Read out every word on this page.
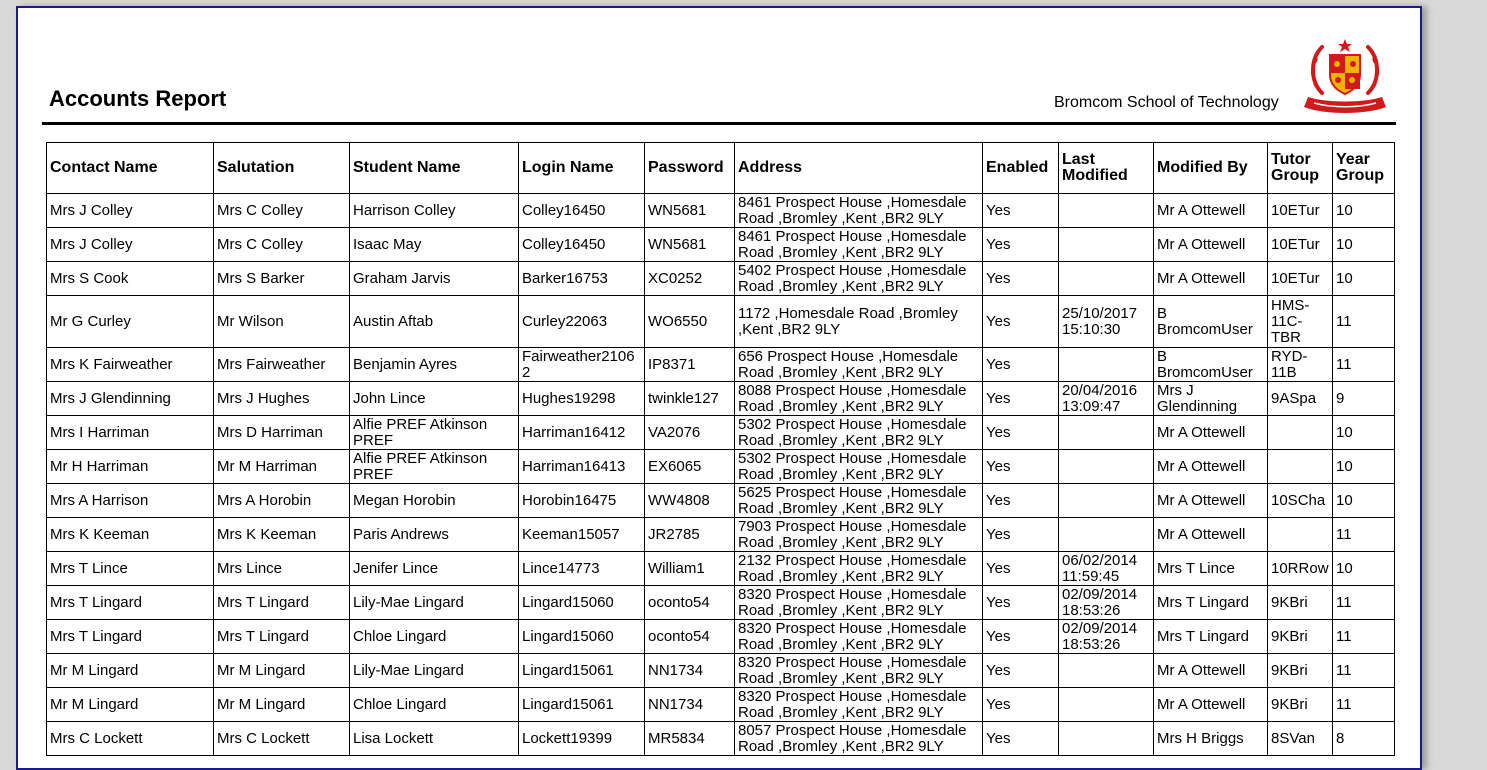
Accounts Report	Bromcom School of Technology
Contact Name	Salutation	Student Name	Login Name	Password	Address	Enabled	Last Modified	Modified By	Tutor Group	Year Group
Mrs J Colley	Mrs C Colley	Harrison Colley	Colley16450	WN5681	8461 Prospect House ,Homesdale Road ,Bromley ,Kent ,BR2 9LY	Yes		Mr A Ottewell	10ETur	10
Mrs J Colley	Mrs C Colley	Isaac May	Colley16450	WN5681	8461 Prospect House ,Homesdale Road ,Bromley ,Kent ,BR2 9LY	Yes		Mr A Ottewell	10ETur	10
Mrs S Cook	Mrs S Barker	Graham Jarvis	Barker16753	XC0252	5402 Prospect House ,Homesdale Road ,Bromley ,Kent ,BR2 9LY	Yes		Mr A Ottewell	10ETur	10
Mr G Curley	Mr Wilson	Austin Aftab	Curley22063	WO6550	1172 ,Homesdale Road ,Bromley ,Kent ,BR2 9LY	Yes	25/10/2017 15:10:30	B BromcomUser	HMS-11C-TBR	11
Mrs K Fairweather	Mrs Fairweather	Benjamin Ayres	Fairweather21062	IP8371	656 Prospect House ,Homesdale Road ,Bromley ,Kent ,BR2 9LY	Yes		B BromcomUser	RYD-11B	11
Mrs J Glendinning	Mrs J Hughes	John Lince	Hughes19298	twinkle127	8088 Prospect House ,Homesdale Road ,Bromley ,Kent ,BR2 9LY	Yes	20/04/2016 13:09:47	Mrs J Glendinning	9ASpa	9
Mrs I Harriman	Mrs D Harriman	Alfie PREF Atkinson PREF	Harriman16412	VA2076	5302 Prospect House ,Homesdale Road ,Bromley ,Kent ,BR2 9LY	Yes		Mr A Ottewell		10
Mr H Harriman	Mr M Harriman	Alfie PREF Atkinson PREF	Harriman16413	EX6065	5302 Prospect House ,Homesdale Road ,Bromley ,Kent ,BR2 9LY	Yes		Mr A Ottewell		10
Mrs A Harrison	Mrs A Horobin	Megan Horobin	Horobin16475	WW4808	5625 Prospect House ,Homesdale Road ,Bromley ,Kent ,BR2 9LY	Yes		Mr A Ottewell	10SCha	10
Mrs K Keeman	Mrs K Keeman	Paris Andrews	Keeman15057	JR2785	7903 Prospect House ,Homesdale Road ,Bromley ,Kent ,BR2 9LY	Yes		Mr A Ottewell		11
Mrs T Lince	Mrs Lince	Jenifer Lince	Lince14773	William1	2132 Prospect House ,Homesdale Road ,Bromley ,Kent ,BR2 9LY	Yes	06/02/2014 11:59:45	Mrs T Lince	10RRow	10
Mrs T Lingard	Mrs T Lingard	Lily-Mae Lingard	Lingard15060	oconto54	8320 Prospect House ,Homesdale Road ,Bromley ,Kent ,BR2 9LY	Yes	02/09/2014 18:53:26	Mrs T Lingard	9KBri	11
Mrs T Lingard	Mrs T Lingard	Chloe Lingard	Lingard15060	oconto54	8320 Prospect House ,Homesdale Road ,Bromley ,Kent ,BR2 9LY	Yes	02/09/2014 18:53:26	Mrs T Lingard	9KBri	11
Mr M Lingard	Mr M Lingard	Lily-Mae Lingard	Lingard15061	NN1734	8320 Prospect House ,Homesdale Road ,Bromley ,Kent ,BR2 9LY	Yes		Mr A Ottewell	9KBri	11
Mr M Lingard	Mr M Lingard	Chloe Lingard	Lingard15061	NN1734	8320 Prospect House ,Homesdale Road ,Bromley ,Kent ,BR2 9LY	Yes		Mr A Ottewell	9KBri	11
Mrs C Lockett	Mrs C Lockett	Lisa Lockett	Lockett19399	MR5834	8057 Prospect House ,Homesdale Road ,Bromley ,Kent ,BR2 9LY	Yes		Mrs H Briggs	8SVan	8
